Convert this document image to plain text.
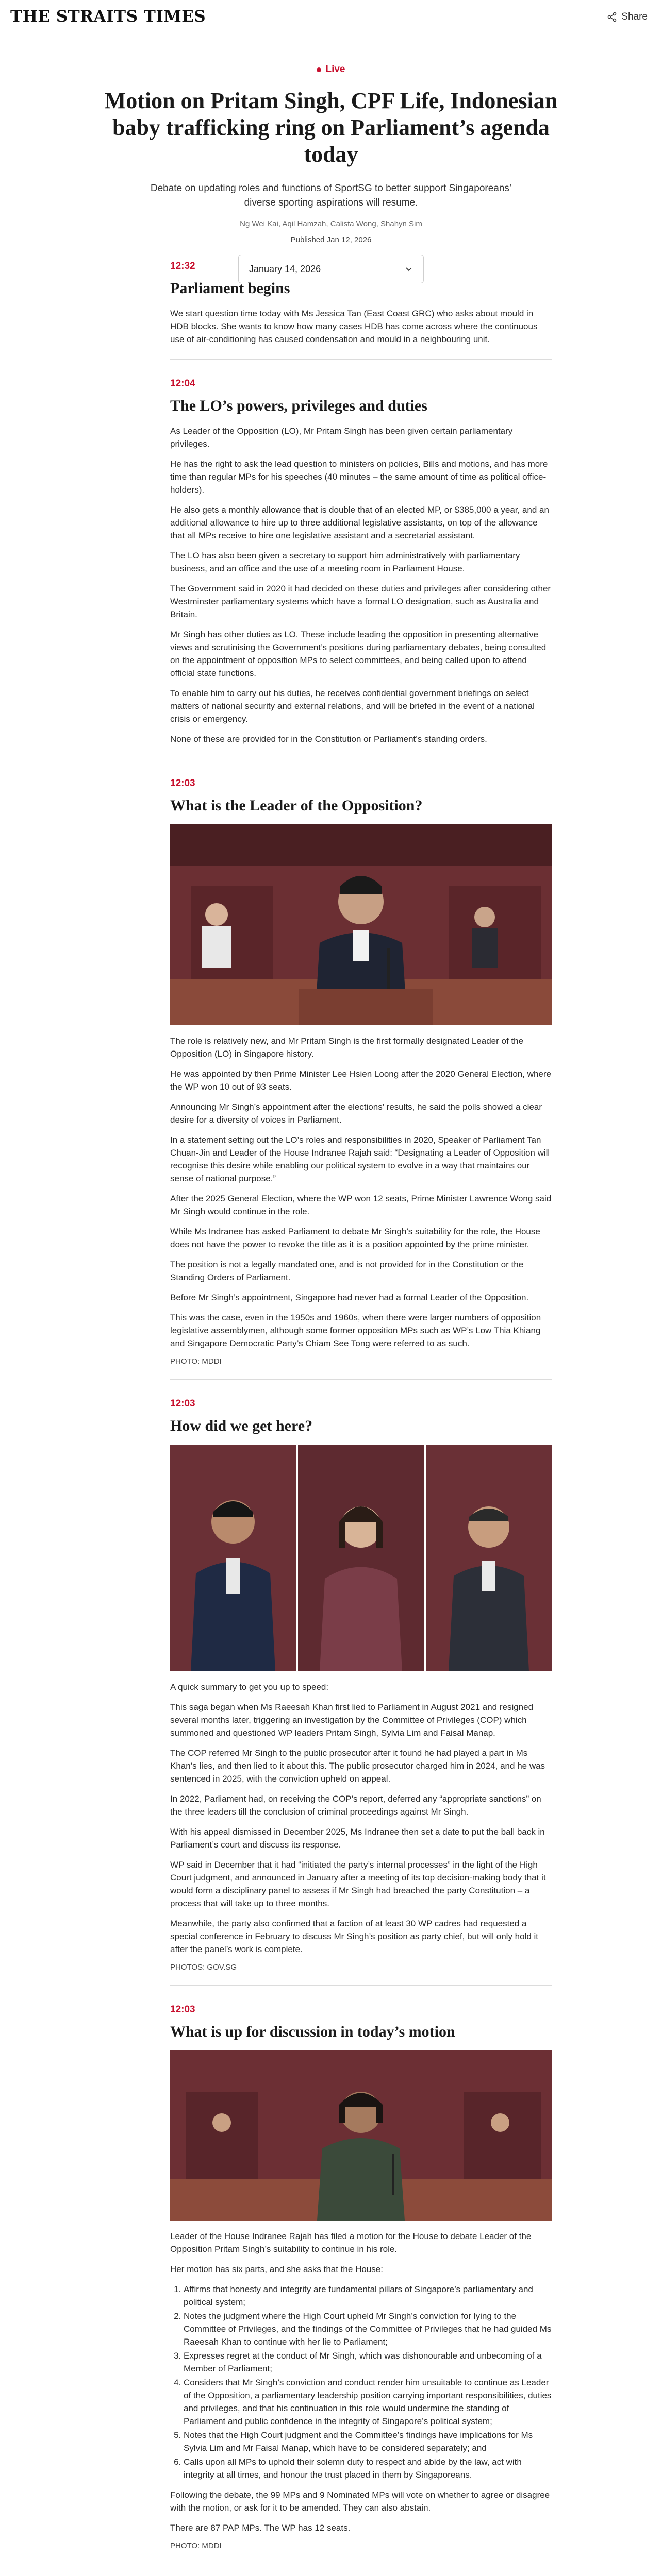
THE STRAITS TIMES	Share
Live
Motion on Pritam Singh, CPF Life, Indonesian baby trafficking ring on Parliament’s agenda today
Debate on updating roles and functions of SportSG to better support Singaporeans’ diverse sporting aspirations will resume.
Ng Wei Kai, Aqil Hamzah, Calista Wong, Shahyn Sim
Published Jan 12, 2026
January 14, 2026
12:32
Parliament begins

We start question time today with Ms Jessica Tan (East Coast GRC) who asks about mould in HDB blocks. She wants to know how many cases HDB has come across where the continuous use of air-conditioning has caused condensation and mould in a neighbouring unit.

12:04
The LO’s powers, privileges and duties

As Leader of the Opposition (LO), Mr Pritam Singh has been given certain parliamentary privileges.

He has the right to ask the lead question to ministers on policies, Bills and motions, and has more time than regular MPs for his speeches (40 minutes – the same amount of time as political office-holders).

He also gets a monthly allowance that is double that of an elected MP, or $385,000 a year, and an additional allowance to hire up to three additional legislative assistants, on top of the allowance that all MPs receive to hire one legislative assistant and a secretarial assistant.

The LO has also been given a secretary to support him administratively with parliamentary business, and an office and the use of a meeting room in Parliament House.

The Government said in 2020 it had decided on these duties and privileges after considering other Westminster parliamentary systems which have a formal LO designation, such as Australia and Britain.

Mr Singh has other duties as LO. These include leading the opposition in presenting alternative views and scrutinising the Government’s positions during parliamentary debates, being consulted on the appointment of opposition MPs to select committees, and being called upon to attend official state functions.

To enable him to carry out his duties, he receives confidential government briefings on select matters of national security and external relations, and will be briefed in the event of a national crisis or emergency.

None of these are provided for in the Constitution or Parliament’s standing orders.

12:03
What is the Leader of the Opposition?

The role is relatively new, and Mr Pritam Singh is the first formally designated Leader of the Opposition (LO) in Singapore history.

He was appointed by then Prime Minister Lee Hsien Loong after the 2020 General Election, where the WP won 10 out of 93 seats.

Announcing Mr Singh’s appointment after the elections’ results, he said the polls showed a clear desire for a diversity of voices in Parliament.

In a statement setting out the LO’s roles and responsibilities in 2020, Speaker of Parliament Tan Chuan-Jin and Leader of the House Indranee Rajah said: “Designating a Leader of Opposition will recognise this desire while enabling our political system to evolve in a way that maintains our sense of national purpose.”

After the 2025 General Election, where the WP won 12 seats, Prime Minister Lawrence Wong said Mr Singh would continue in the role.

While Ms Indranee has asked Parliament to debate Mr Singh’s suitability for the role, the House does not have the power to revoke the title as it is a position appointed by the prime minister.

The position is not a legally mandated one, and is not provided for in the Constitution or the Standing Orders of Parliament.

Before Mr Singh’s appointment, Singapore had never had a formal Leader of the Opposition.

This was the case, even in the 1950s and 1960s, when there were larger numbers of opposition legislative assemblymen, although some former opposition MPs such as WP’s Low Thia Khiang and Singapore Democratic Party’s Chiam See Tong were referred to as such.

PHOTO: MDDI
12:03
How did we get here?

A quick summary to get you up to speed:

This saga began when Ms Raeesah Khan first lied to Parliament in August 2021 and resigned several months later, triggering an investigation by the Committee of Privileges (COP) which summoned and questioned WP leaders Pritam Singh, Sylvia Lim and Faisal Manap.

The COP referred Mr Singh to the public prosecutor after it found he had played a part in Ms Khan’s lies, and then lied to it about this. The public prosecutor charged him in 2024, and he was sentenced in 2025, with the conviction upheld on appeal.

In 2022, Parliament had, on receiving the COP’s report, deferred any “appropriate sanctions” on the three leaders till the conclusion of criminal proceedings against Mr Singh.

With his appeal dismissed in December 2025, Ms Indranee then set a date to put the ball back in Parliament’s court and discuss its response.

WP said in December that it had “initiated the party’s internal processes” in the light of the High Court judgment, and announced in January after a meeting of its top decision-making body that it would form a disciplinary panel to assess if Mr Singh had breached the party Constitution – a process that will take up to three months.

Meanwhile, the party also confirmed that a faction of at least 30 WP cadres had requested a special conference in February to discuss Mr Singh’s position as party chief, but will only hold it after the panel’s work is complete.

PHOTOS: GOV.SG
12:03
What is up for discussion in today’s motion

Leader of the House Indranee Rajah has filed a motion for the House to debate Leader of the Opposition Pritam Singh’s suitability to continue in his role.

Her motion has six parts, and she asks that the House:

1. Affirms that honesty and integrity are fundamental pillars of Singapore’s parliamentary and political system;
2. Notes the judgment where the High Court upheld Mr Singh’s conviction for lying to the Committee of Privileges, and the findings of the Committee of Privileges that he had guided Ms Raeesah Khan to continue with her lie to Parliament;
3. Expresses regret at the conduct of Mr Singh, which was dishonourable and unbecoming of a Member of Parliament;
4. Considers that Mr Singh’s conviction and conduct render him unsuitable to continue as Leader of the Opposition, a parliamentary leadership position carrying important responsibilities, duties and privileges, and that his continuation in this role would undermine the standing of Parliament and public confidence in the integrity of Singapore’s political system;
5. Notes that the High Court judgment and the Committee’s findings have implications for Ms Sylvia Lim and Mr Faisal Manap, which have to be considered separately; and
6. Calls upon all MPs to uphold their solemn duty to respect and abide by the law, act with integrity at all times, and honour the trust placed in them by Singaporeans.

Following the debate, the 99 MPs and 9 Nominated MPs will vote on whether to agree or disagree with the motion, or ask for it to be amended. They can also abstain.

There are 87 PAP MPs. The WP has 12 seats.

PHOTO: MDDI
